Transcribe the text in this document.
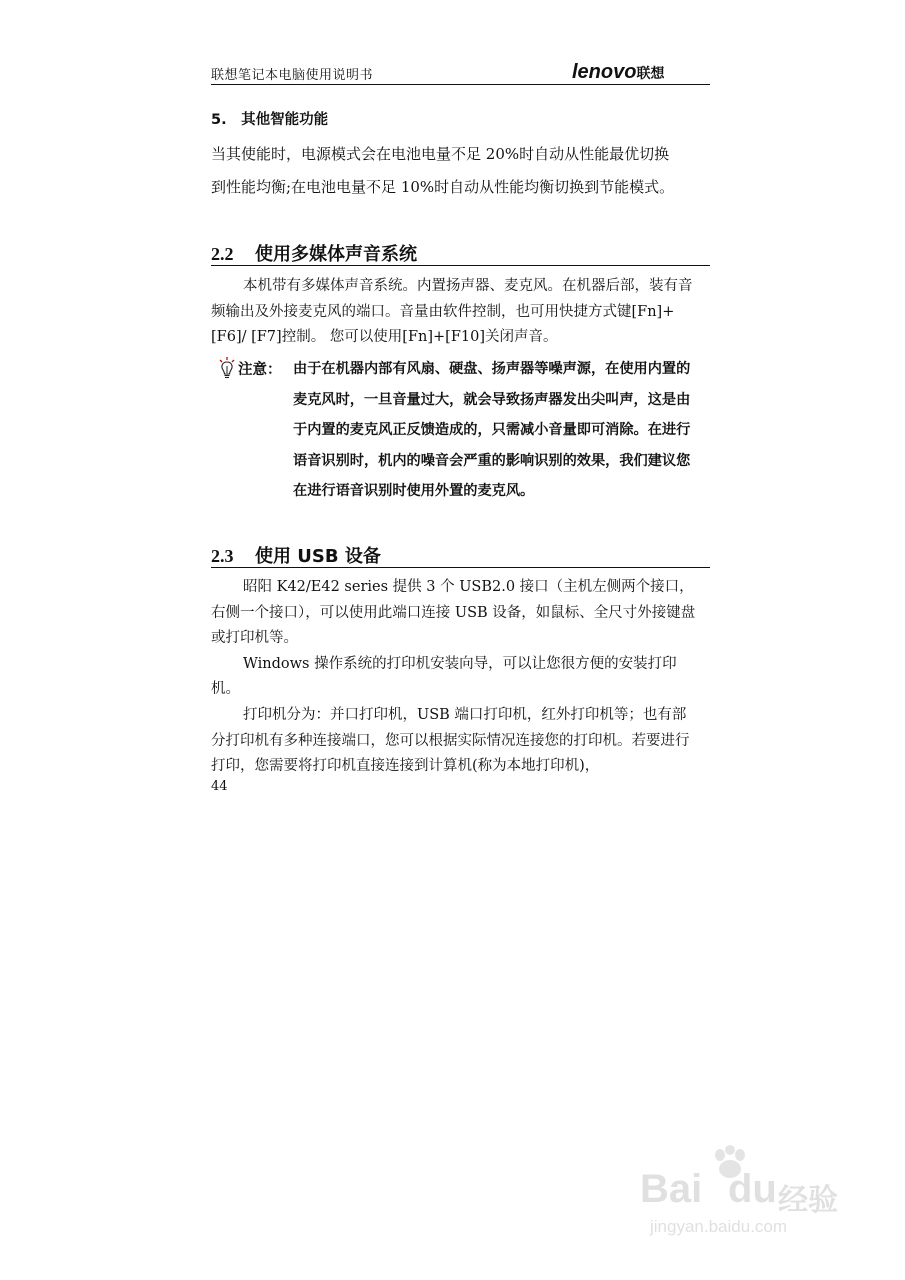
联想笔记本电脑使用说明书	lenovo联想
5.　其他智能功能
当其使能时，电源模式会在电池电量不足 20%时自动从性能最优切换
到性能均衡;在电池电量不足 10%时自动从性能均衡切换到节能模式。
2.2 使用多媒体声音系统

本机带有多媒体声音系统。内置扬声器、麦克风。在机器后部，装有音频输出及外接麦克风的端口。音量由软件控制，也可用快捷方式键[Fn]+[F6]/ [F7]控制。 您可以使用[Fn]+[F10]关闭声音。

注意： 由于在机器内部有风扇、硬盘、扬声器等噪声源，在使用内置的麦克风时，一旦音量过大，就会导致扬声器发出尖叫声，这是由于内置的麦克风正反馈造成的，只需减小音量即可消除。在进行语音识别时，机内的噪音会严重的影响识别的效果，我们建议您在进行语音识别时使用外置的麦克风。
2.3 使用 USB 设备

昭阳 K42/E42 series 提供 3 个 USB2.0 接口（主机左侧两个接口，右侧一个接口），可以使用此端口连接 USB 设备，如鼠标、全尺寸外接键盘或打印机等。

Windows 操作系统的打印机安装向导，可以让您很方便的安装打印机。

打印机分为：并口打印机，USB 端口打印机，红外打印机等；也有部分打印机有多种连接端口，您可以根据实际情况连接您的打印机。若要进行打印，您需要将打印机直接连接到计算机(称为本地打印机)，

44
Bai du 经验
jingyan.baidu.com
